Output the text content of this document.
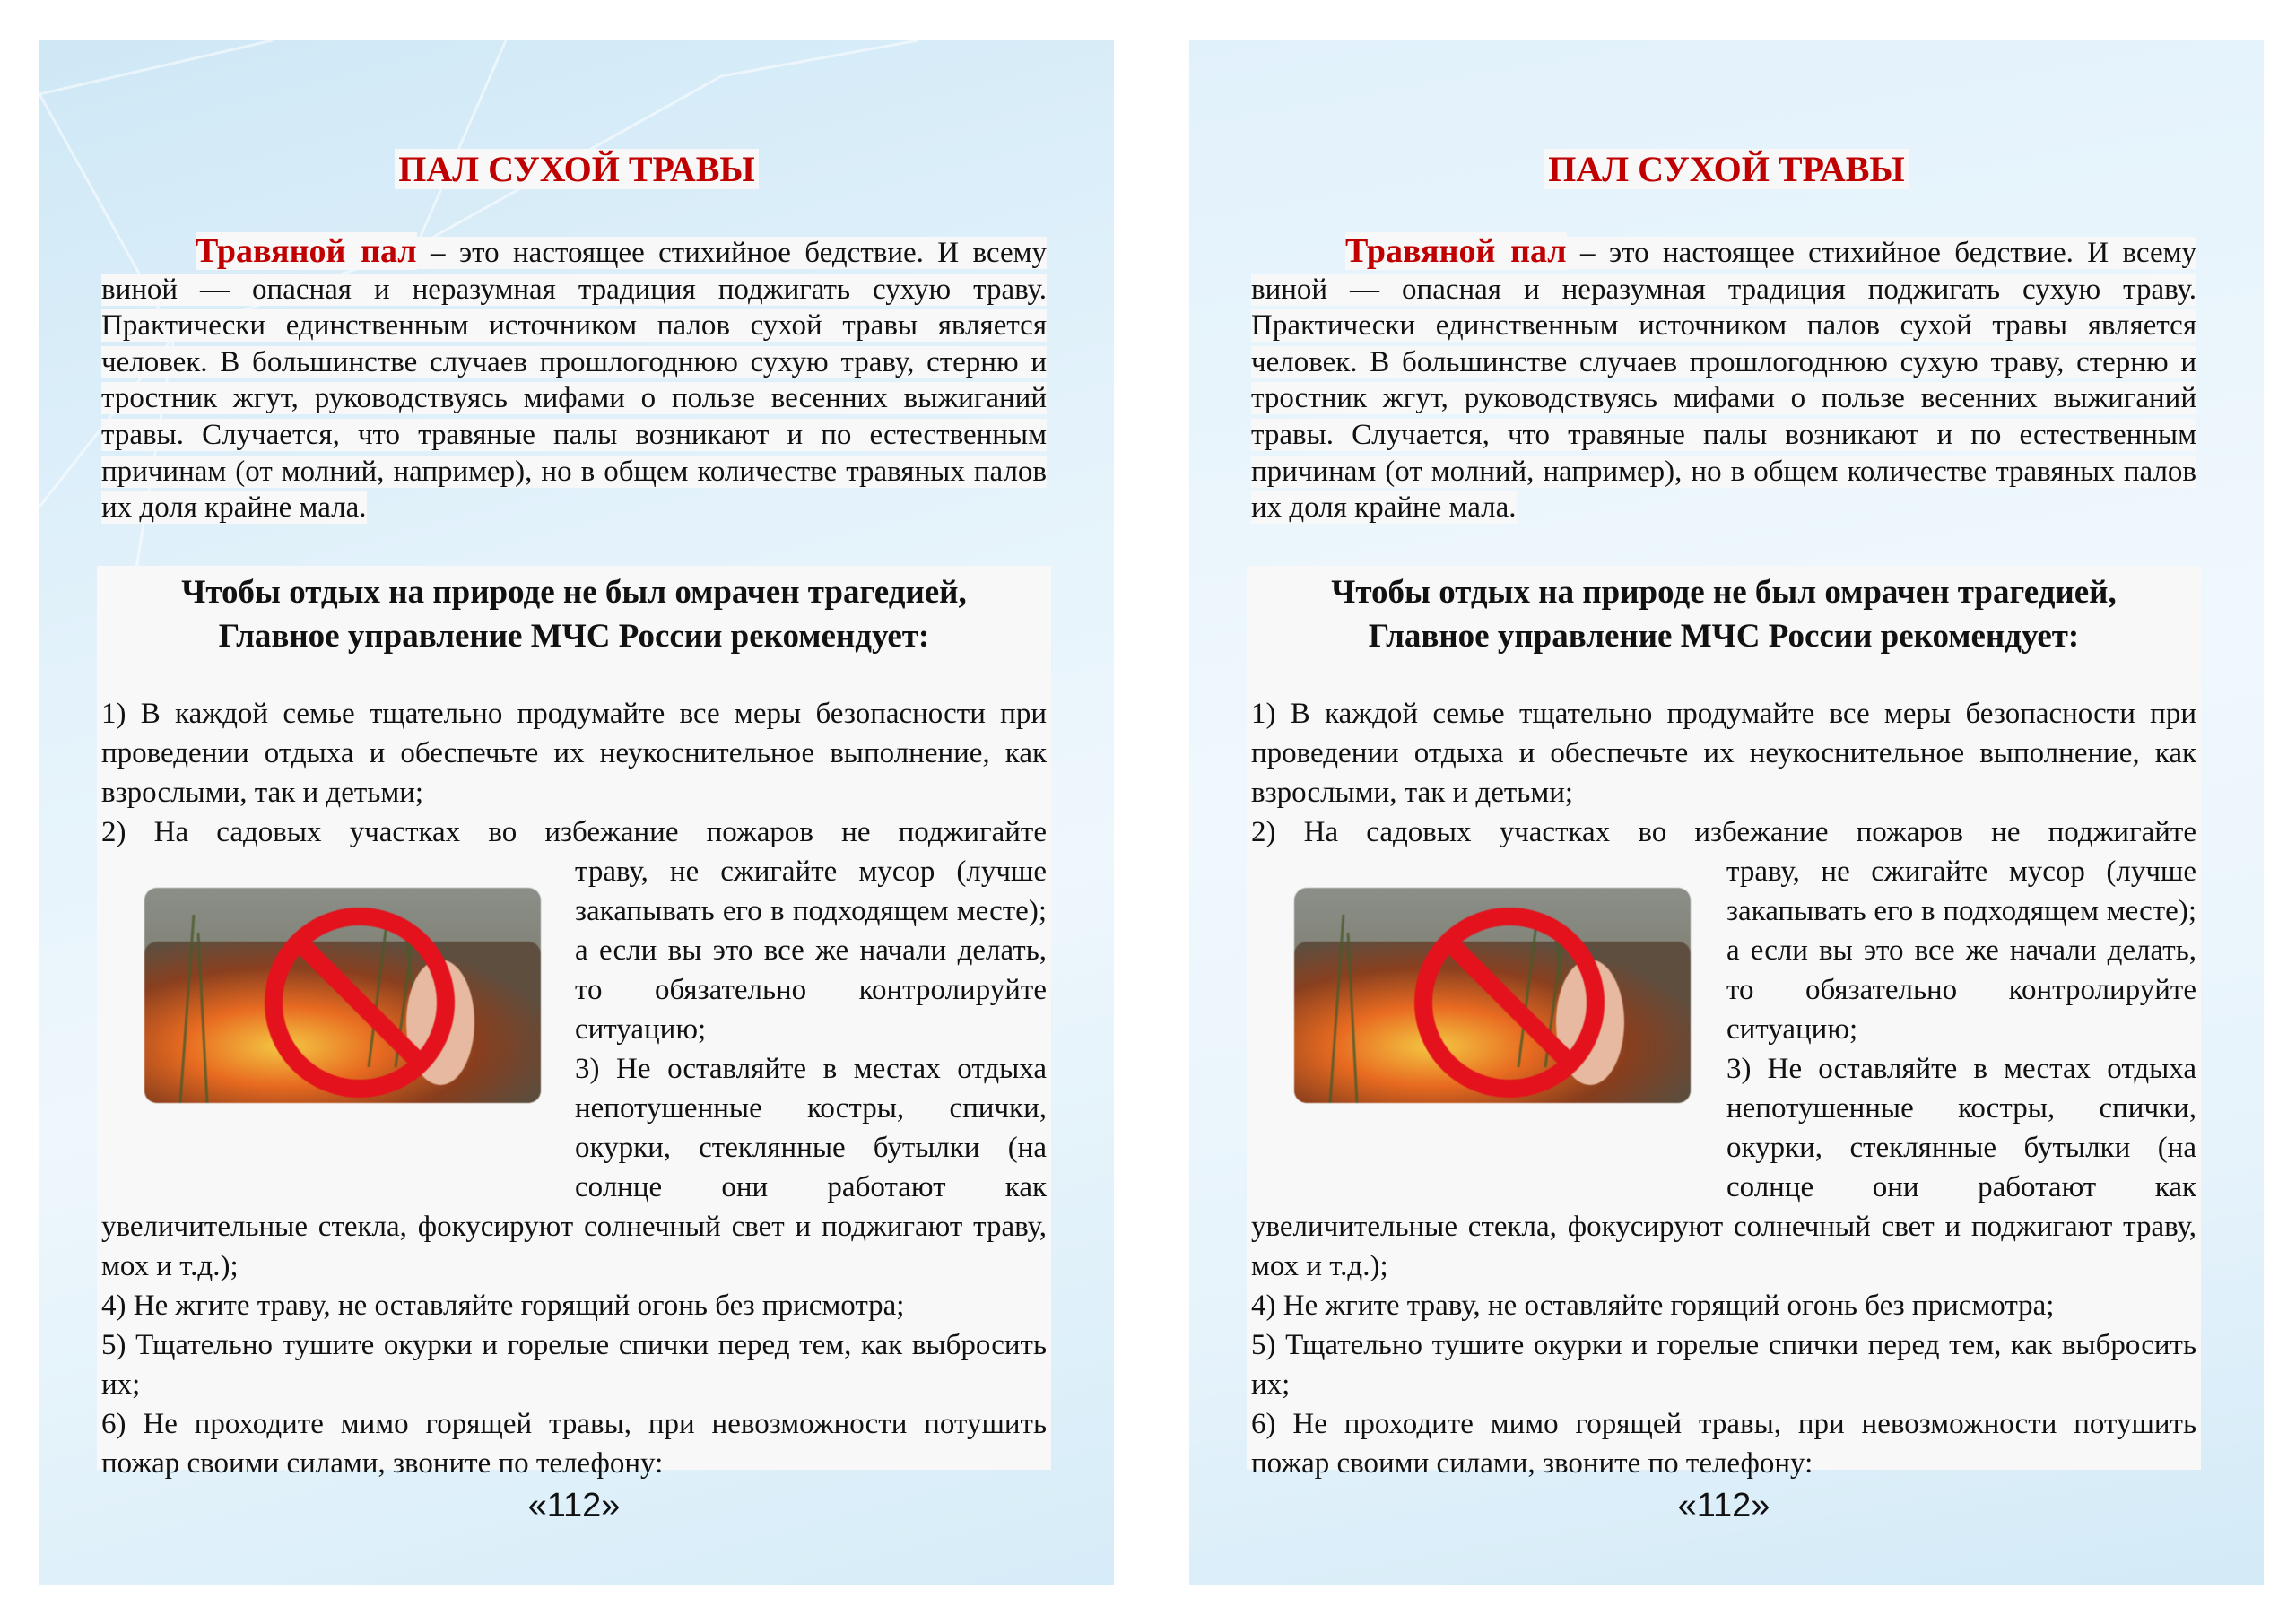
ПАЛ СУХОЙ ТРАВЫ
Травяной пал – это настоящее стихийное бедствие. И всему виной — опасная и неразумная традиция поджигать сухую траву. Практически единственным источником палов сухой травы является человек. В большинстве случаев прошлогоднюю сухую траву, стерню и тростник жгут, руководствуясь мифами о пользе весенних выжиганий травы. Случается, что травяные палы возникают и по естественным причинам (от молний, например), но в общем количестве травяных палов их доля крайне мала.
Чтобы отдых на природе не был омрачен трагедией,
Главное управление МЧС России рекомендует:

1) В каждой семье тщательно продумайте все меры безопасности при проведении отдыха и обеспечьте их неукоснительное выполнение, как взрослыми, так и детьми;

2) На садовых участках во избежание пожаров не поджигайте

траву, не сжигайте мусор (лучше закапывать его в подходящем месте); а если вы это все же начали делать, то обязательно контролируйте ситуацию;

3) Не оставляйте в местах отдыха непотушенные костры, спички, окурки, стеклянные бутылки (на солнце они работают как увеличительные стекла, фокусируют солнечный свет и поджигают траву, мох и т.д.);

4) Не жгите траву, не оставляйте горящий огонь без присмотра;

5) Тщательно тушите окурки и горелые спички перед тем, как выбросить их;

6) Не проходите мимо горящей травы, при невозможности потушить пожар своими силами, звоните по телефону:

«112»
ПАЛ СУХОЙ ТРАВЫ
Травяной пал – это настоящее стихийное бедствие. И всему виной — опасная и неразумная традиция поджигать сухую траву. Практически единственным источником палов сухой травы является человек. В большинстве случаев прошлогоднюю сухую траву, стерню и тростник жгут, руководствуясь мифами о пользе весенних выжиганий травы. Случается, что травяные палы возникают и по естественным причинам (от молний, например), но в общем количестве травяных палов их доля крайне мала.
Чтобы отдых на природе не был омрачен трагедией,
Главное управление МЧС России рекомендует:

1) В каждой семье тщательно продумайте все меры безопасности при проведении отдыха и обеспечьте их неукоснительное выполнение, как взрослыми, так и детьми;

2) На садовых участках во избежание пожаров не поджигайте

траву, не сжигайте мусор (лучше закапывать его в подходящем месте); а если вы это все же начали делать, то обязательно контролируйте ситуацию;

3) Не оставляйте в местах отдыха непотушенные костры, спички, окурки, стеклянные бутылки (на солнце они работают как увеличительные стекла, фокусируют солнечный свет и поджигают траву, мох и т.д.);

4) Не жгите траву, не оставляйте горящий огонь без присмотра;

5) Тщательно тушите окурки и горелые спички перед тем, как выбросить их;

6) Не проходите мимо горящей травы, при невозможности потушить пожар своими силами, звоните по телефону:

«112»
